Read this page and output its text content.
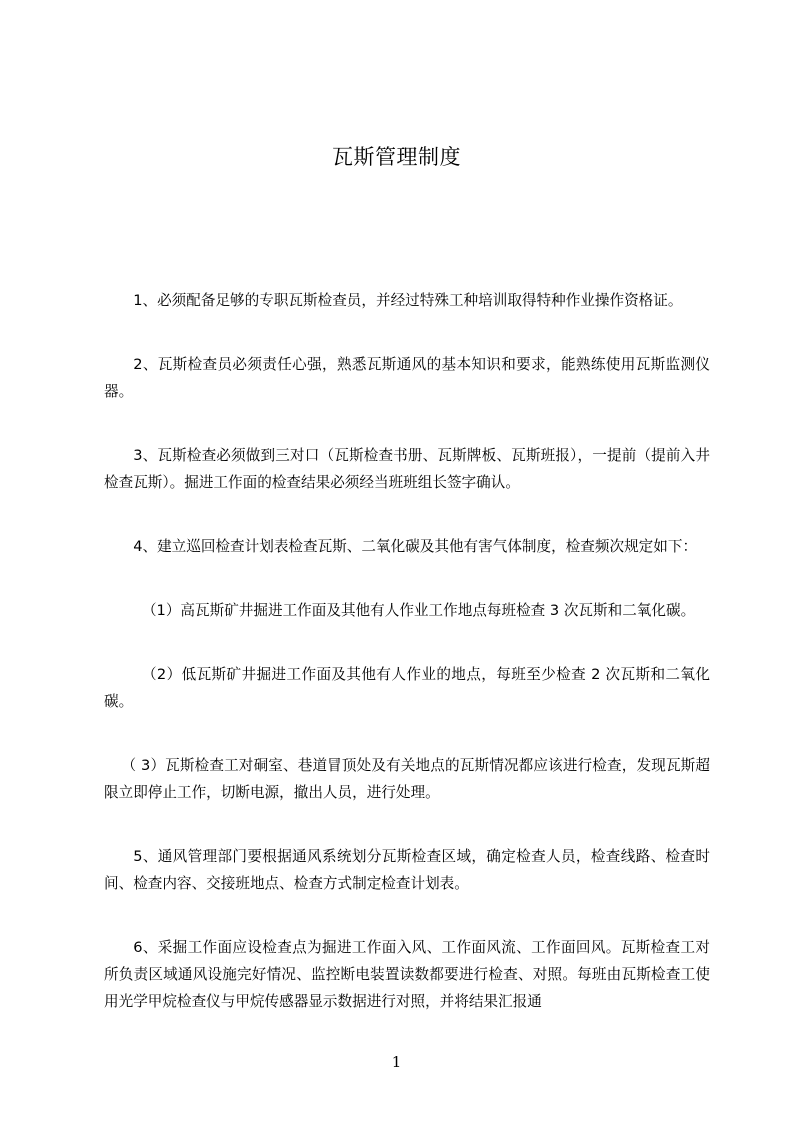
瓦斯管理制度

1、必须配备足够的专职瓦斯检查员，并经过特殊工种培训取得特种作业操作资格证。

2、瓦斯检查员必须责任心强，熟悉瓦斯通风的基本知识和要求，能熟练使用瓦斯监测仪器。

3、瓦斯检查必须做到三对口（瓦斯检查书册、瓦斯牌板、瓦斯班报），一提前（提前入井检查瓦斯）。掘进工作面的检查结果必须经当班班组长签字确认。

4、建立巡回检查计划表检查瓦斯、二氧化碳及其他有害气体制度，检查频次规定如下：

（1）高瓦斯矿井掘进工作面及其他有人作业工作地点每班检查 3 次瓦斯和二氧化碳。

（2）低瓦斯矿井掘进工作面及其他有人作业的地点，每班至少检查 2 次瓦斯和二氧化碳。

（ 3）瓦斯检查工对硐室、巷道冒顶处及有关地点的瓦斯情况都应该进行检查，发现瓦斯超限立即停止工作，切断电源，撤出人员，进行处理。

5、通风管理部门要根据通风系统划分瓦斯检查区域，确定检查人员，检查线路、检查时间、检查内容、交接班地点、检查方式制定检查计划表。

6、采掘工作面应设检查点为掘进工作面入风、工作面风流、工作面回风。瓦斯检查工对所负责区域通风设施完好情况、监控断电装置读数都要进行检查、对照。每班由瓦斯检查工使用光学甲烷检查仪与甲烷传感器显示数据进行对照，并将结果汇报通

1
